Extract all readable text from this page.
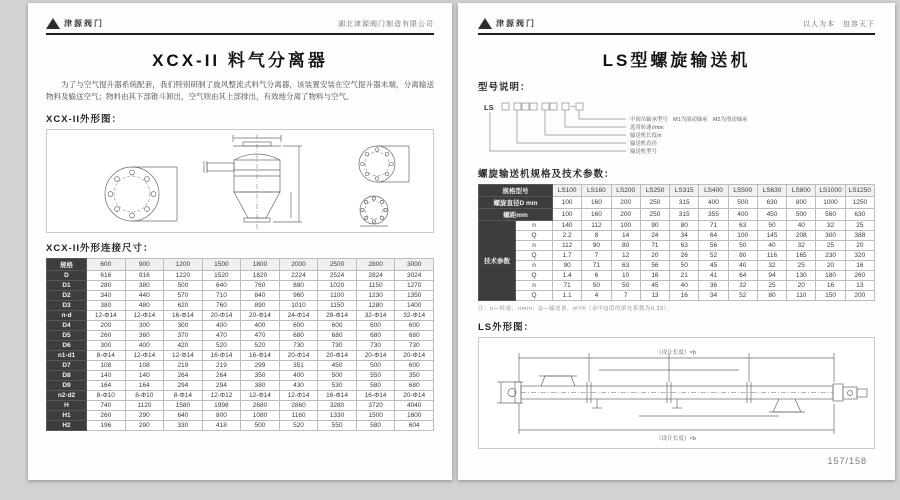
津源阀门	湖北津源阀门制造有限公司
XCX-II 料气分离器
为了与空气提升器系统配套，我们特别研制了旋风整流式料气分离器，该装置安装在空气提升器末端，分离输送物料及输送空气；物料由其下部锥斗卸出，空气则由其上部排出，有效地分离了物料与空气。
XCX-II外形图：
XCX-II外形连接尺寸：
规格	600	900	1200	1500	1800	2000	2500	2800	3000
D	616	916	1220	1520	1820	2224	2524	2824	3024
D1	280	380	500	640	760	880	1020	1150	1270
D2	340	440	570	710	840	960	1100	1230	1350
D3	380	480	620	760	890	1010	1150	1280	1400
n-d	12-Φ14	12-Φ14	16-Φ14	20-Φ14	20-Φ14	24-Φ14	28-Φ14	32-Φ14	32-Φ14
D4	200	300	300	400	400	600	600	600	600
D5	260	360	370	470	470	680	680	680	680
D6	300	400	420	520	520	730	730	730	730
n1-d1	8-Φ14	12-Φ14	12-Φ14	16-Φ14	16-Φ14	20-Φ14	20-Φ14	20-Φ14	20-Φ14
D7	108	108	219	219	299	351	450	500	600
D8	140	140	264	264	350	400	500	550	350
D9	164	164	294	294	380	430	530	580	680
n2-d2	8-Φ10	8-Φ10	8-Φ14	12-Φ12	12-Φ14	12-Φ14	16-Φ14	16-Φ14	20-Φ14
H	740	1120	1580	1998	2680	2860	3280	3720	4040
H1	260	290	640	800	1080	1160	1330	1500	1600
H2	196	290	330	418	500	520	550	580	604
津源阀门	以人为本　包容天下
LS型螺旋输送机
型号说明：
LS
中间吊轴承型号　M1为滚动轴承　M2为滑动轴承
选用转速r/min
输送机长度m
输送机直径
输送机型号
螺旋输送机规格及技术参数：
规格型号		LS100	LS160	LS200	LS250	LS315	LS400	LS500	LS630	LS800	LS1000	LS1250
螺旋直径D mm		100	160	200	250	315	400	500	630	800	1000	1250
螺距mm		100	160	200	250	315	355	400	450	500	560	630
技术参数	n	140	112	100	90	80	71	63	50	40	32	25
	Q	2.2	8	14	24	34	64	100	145	208	300	388
	n	112	90	80	71	63	56	50	40	32	25	20
	Q	1.7	7	12	20	26	52	80	116	165	230	320
	n	90	71	63	56	50	45	40	32	25	20	16
	Q	1.4	6	10	16	21	41	64	94	130	180	260
	n	71	50	50	45	40	36	32	25	20	16	13
	Q	1.1	4	7	13	16	34	52	80	110	150	200
注：n—转速，r/min；Q—输送量，m³/h（表中Q值的填充系数为0.33）。
LS外形图：
（设计长度）×b
（设计长度）×b
157/158
